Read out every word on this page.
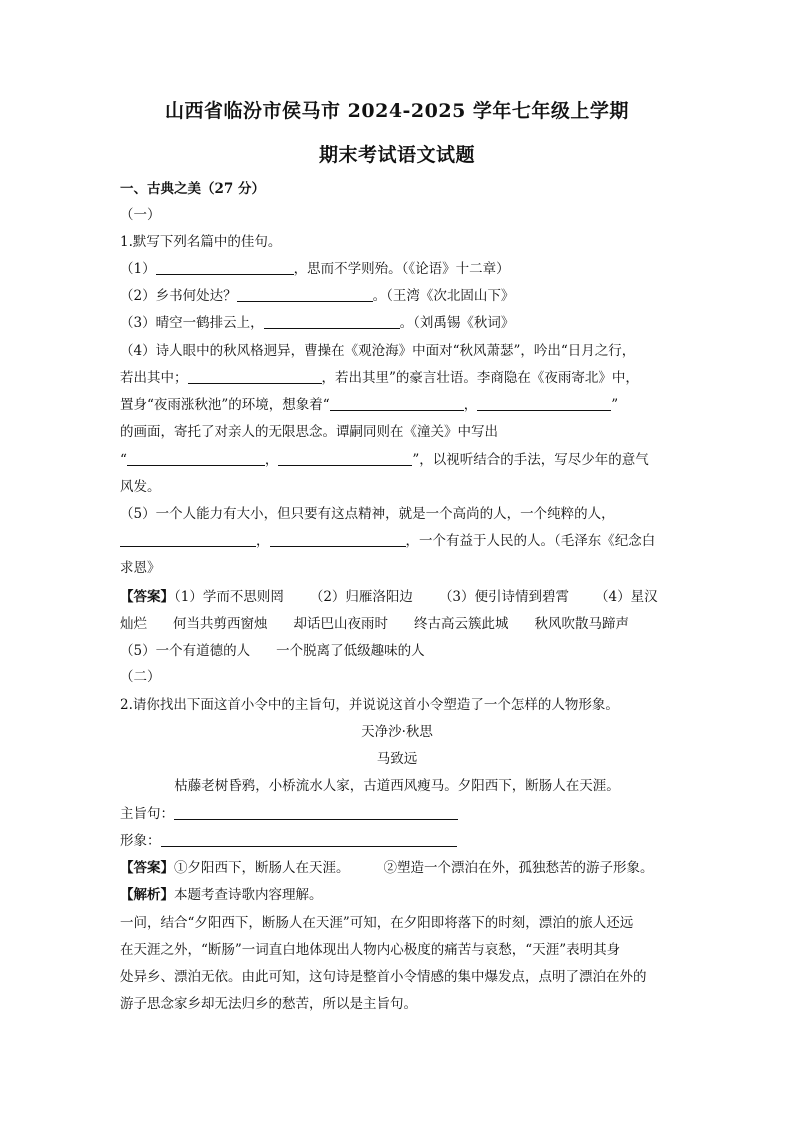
山西省临汾市侯马市 2024-2025 学年七年级上学期
期末考试语文试题
一、古典之美（27 分）
（一）
1.默写下列名篇中的佳句。
（1）	，思而不学则殆。（《论语》十二章）
（2）乡书何处达？	。（王湾《次北固山下》
（3）晴空一鹤排云上，	。（刘禹锡《秋词》
（4）诗人眼中的秋风格迥异，曹操在《观沧海》中面对“秋风萧瑟”，吟出“日月之行，
若出其中；	，若出其里”的豪言壮语。李商隐在《夜雨寄北》中，
置身“夜雨涨秋池”的环境，想象着“	，	”
的画面，寄托了对亲人的无限思念。谭嗣同则在《潼关》中写出
“	，	”，以视听结合的手法，写尽少年的意气
风发。
（5）一个人能力有大小，但只要有这点精神，就是一个高尚的人，一个纯粹的人，
，	，一个有益于人民的人。（毛泽东《纪念白
求恩》
【答案】（1）学而不思则罔 （2）归雁洛阳边 （3）便引诗情到碧霄 （4）星汉
灿烂 何当共剪西窗烛 却话巴山夜雨时 终古高云簇此城 秋风吹散马蹄声
（5）一个有道德的人 一个脱离了低级趣味的人
（二）
2.请你找出下面这首小令中的主旨句，并说说这首小令塑造了一个怎样的人物形象。
天净沙·秋思
马致远
枯藤老树昏鸦，小桥流水人家，古道西风瘦马。夕阳西下，断肠人在天涯。
主旨句：
形象：
【答案】①夕阳西下，断肠人在天涯。	②塑造一个漂泊在外，孤独愁苦的游子形象。
【解析】本题考查诗歌内容理解。
一问，结合“夕阳西下，断肠人在天涯”可知，在夕阳即将落下的时刻，漂泊的旅人还远
在天涯之外，“断肠”一词直白地体现出人物内心极度的痛苦与哀愁，“天涯”表明其身
处异乡、漂泊无依。由此可知，这句诗是整首小令情感的集中爆发点，点明了漂泊在外的
游子思念家乡却无法归乡的愁苦，所以是主旨句。
